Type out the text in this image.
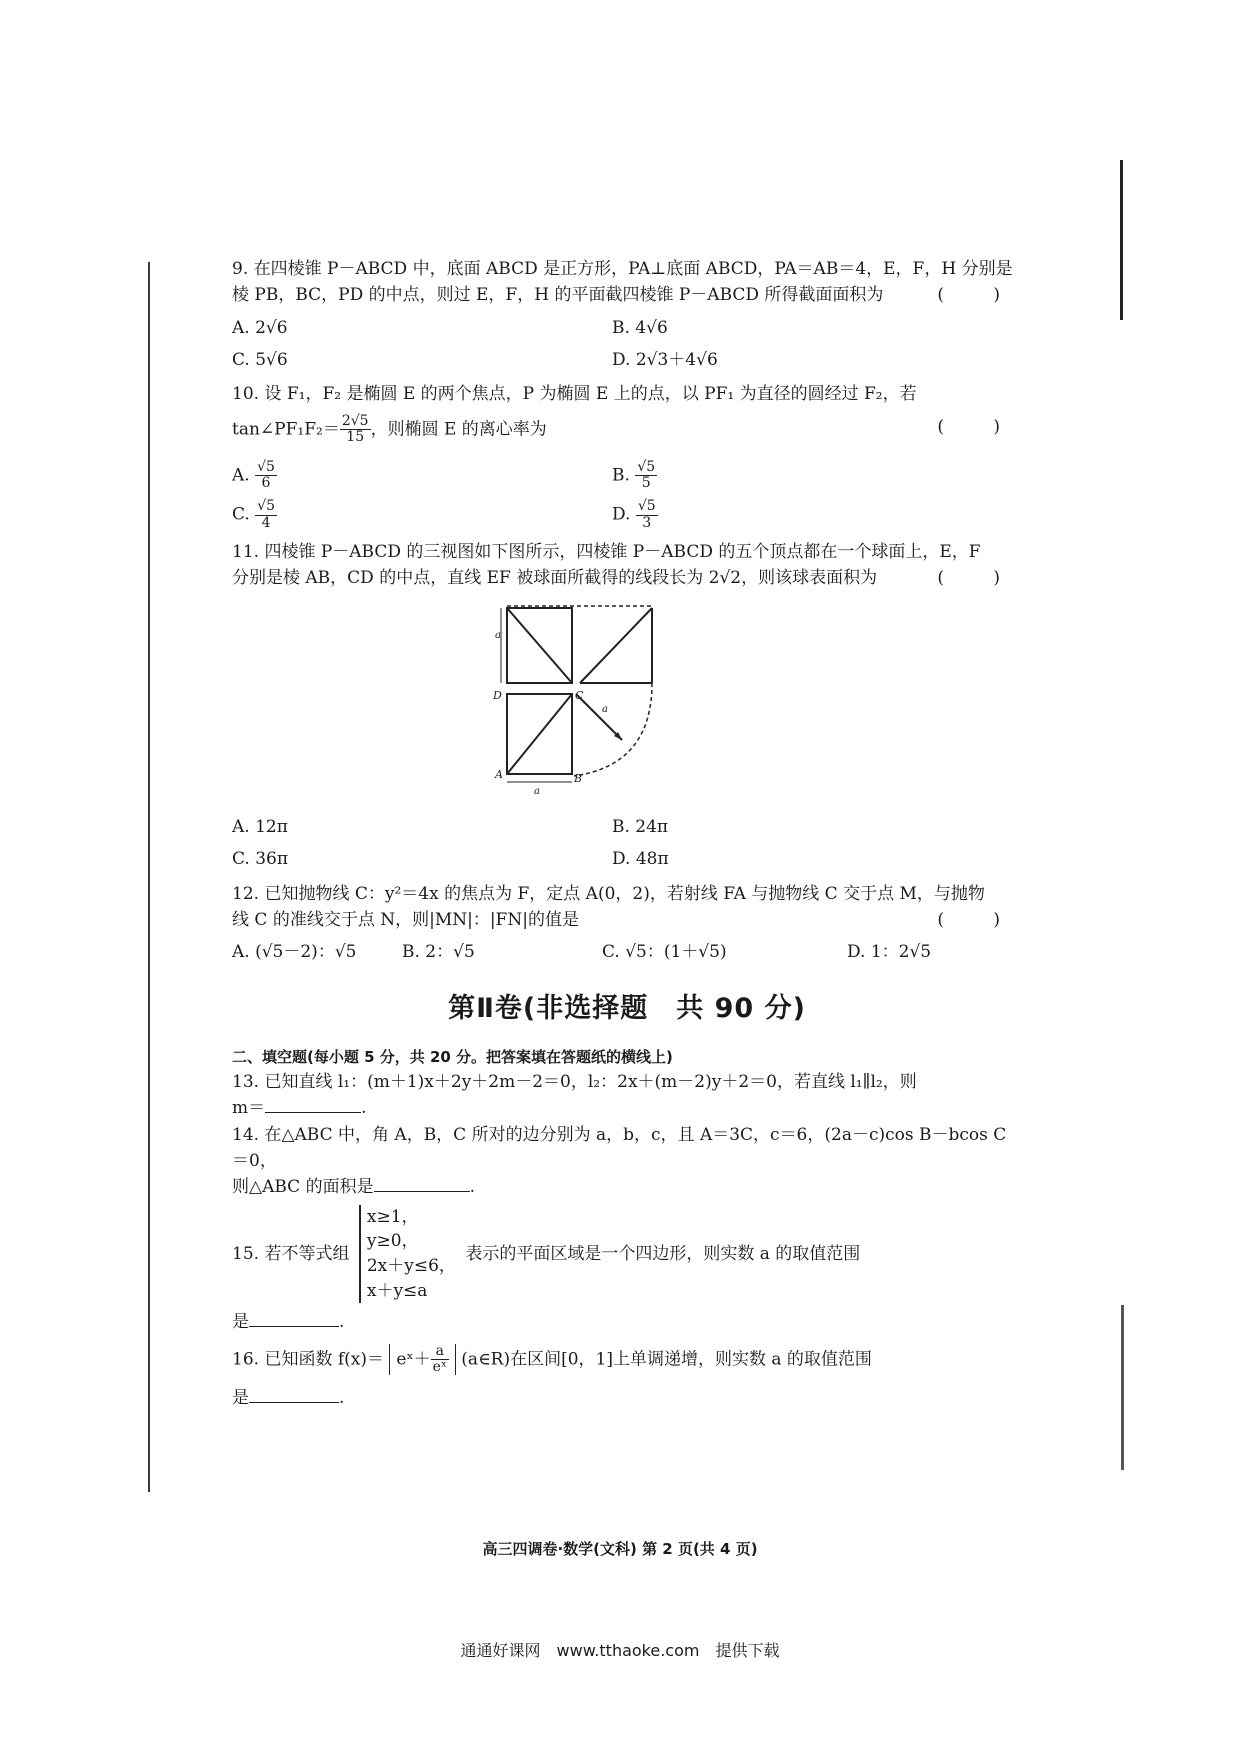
9. 在四棱锥 P－ABCD 中，底面 ABCD 是正方形，PA⊥底面 ABCD，PA＝AB＝4，E，F，H 分别是
棱 PB，BC，PD 的中点，则过 E，F，H 的平面截四棱锥 P－ABCD 所得截面面积为	( )
A. 2√6	B. 4√6
C. 5√6	D. 2√3＋4√6
10. 设 F₁，F₂ 是椭圆 E 的两个焦点，P 为椭圆 E 上的点，以 PF₁ 为直径的圆经过 F₂，若
tan∠PF₁F₂＝ $\frac{2√5}{15}$ ，则椭圆 E 的离心率为	( )
A. $\frac{√5}{6}$	B. $\frac{√5}{5}$
C. $\frac{√5}{4}$	D. $\frac{√5}{3}$
11. 四棱锥 P－ABCD 的三视图如下图所示，四棱锥 P－ABCD 的五个顶点都在一个球面上，E，F
分别是棱 AB，CD 的中点，直线 EF 被球面所截得的线段长为 2√2，则该球表面积为	( )
a
a
a
D	C
A	B
A. 12π	B. 24π
C. 36π	D. 48π
12. 已知抛物线 C：y²＝4x 的焦点为 F，定点 A(0，2)，若射线 FA 与抛物线 C 交于点 M，与抛物
线 C 的准线交于点 N，则|MN|：|FN|的值是	( )
A. (√5－2)：√5	B. 2：√5	C. √5：(1＋√5)	D. 1：2√5
第Ⅱ卷(非选择题　共 90 分)
二、填空题(每小题 5 分，共 20 分。把答案填在答题纸的横线上)
13. 已知直线 l₁：(m＋1)x＋2y＋2m－2＝0，l₂：2x＋(m－2)y＋2＝0，若直线 l₁∥l₂，则
m＝	.
14. 在△ABC 中，角 A，B，C 所对的边分别为 a，b，c，且 A＝3C，c＝6，(2a－c)cos B－bcos C＝0，
则△ABC 的面积是	.
15. 若不等式组
x≥1，
y≥0，
2x＋y≤6，
x＋y≤a
表示的平面区域是一个四边形，则实数 a 的取值范围
是	.
16. 已知函数 f(x)＝ eˣ＋ $\frac{a}{\text{eˣ}}$ (a∈R)在区间[0，1]上单调递增，则实数 a 的取值范围
是	.
高三四调卷·数学(文科) 第 2 页(共 4 页)
通通好课网　www.tthaoke.com　提供下载
